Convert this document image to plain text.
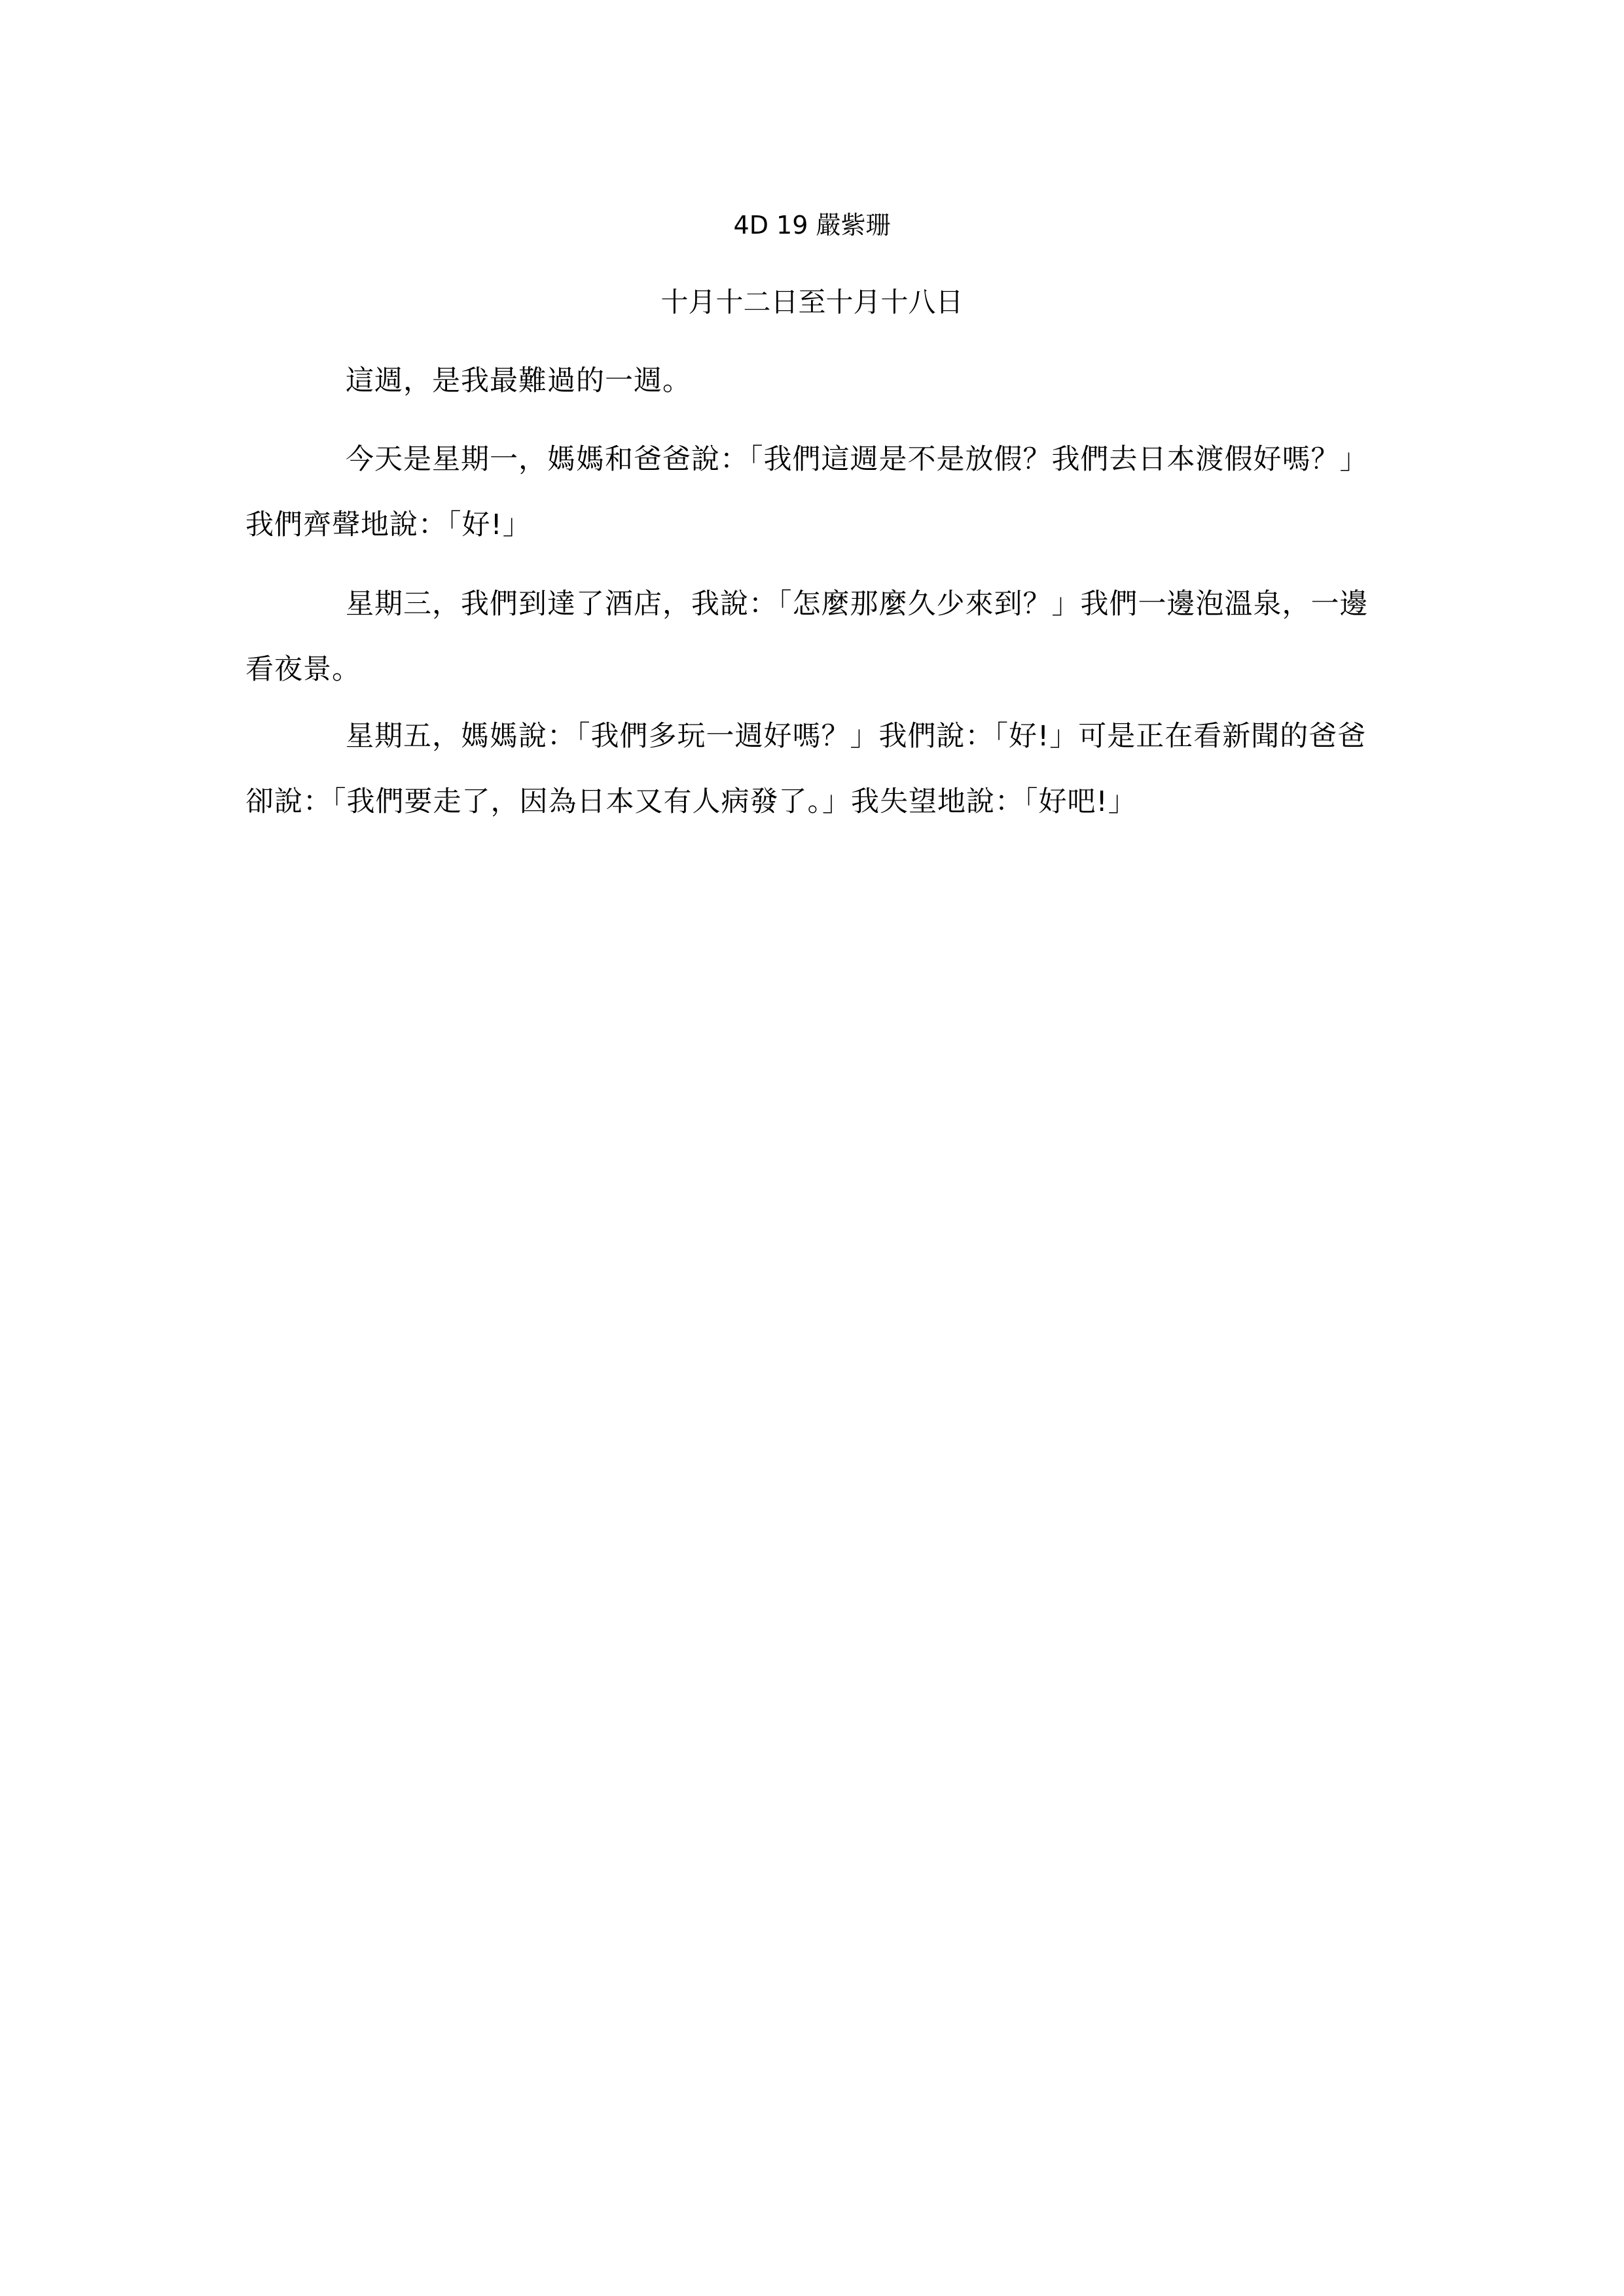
4D 19 嚴紫珊
十月十二日至十月十八日

這週，是我最難過的一週。

今天是星期一，媽媽和爸爸說：「我們這週是不是放假？我們去日本渡假好嗎？」我們齊聲地說：「好!」

星期三，我們到達了酒店，我說：「怎麼那麼久少來到？」我們一邊泡溫泉，一邊看夜景。

星期五，媽媽說：「我們多玩一週好嗎？」我們說：「好!」可是正在看新聞的爸爸卻說：「我們要走了，因為日本又有人病發了。」我失望地說：「好吧!」
